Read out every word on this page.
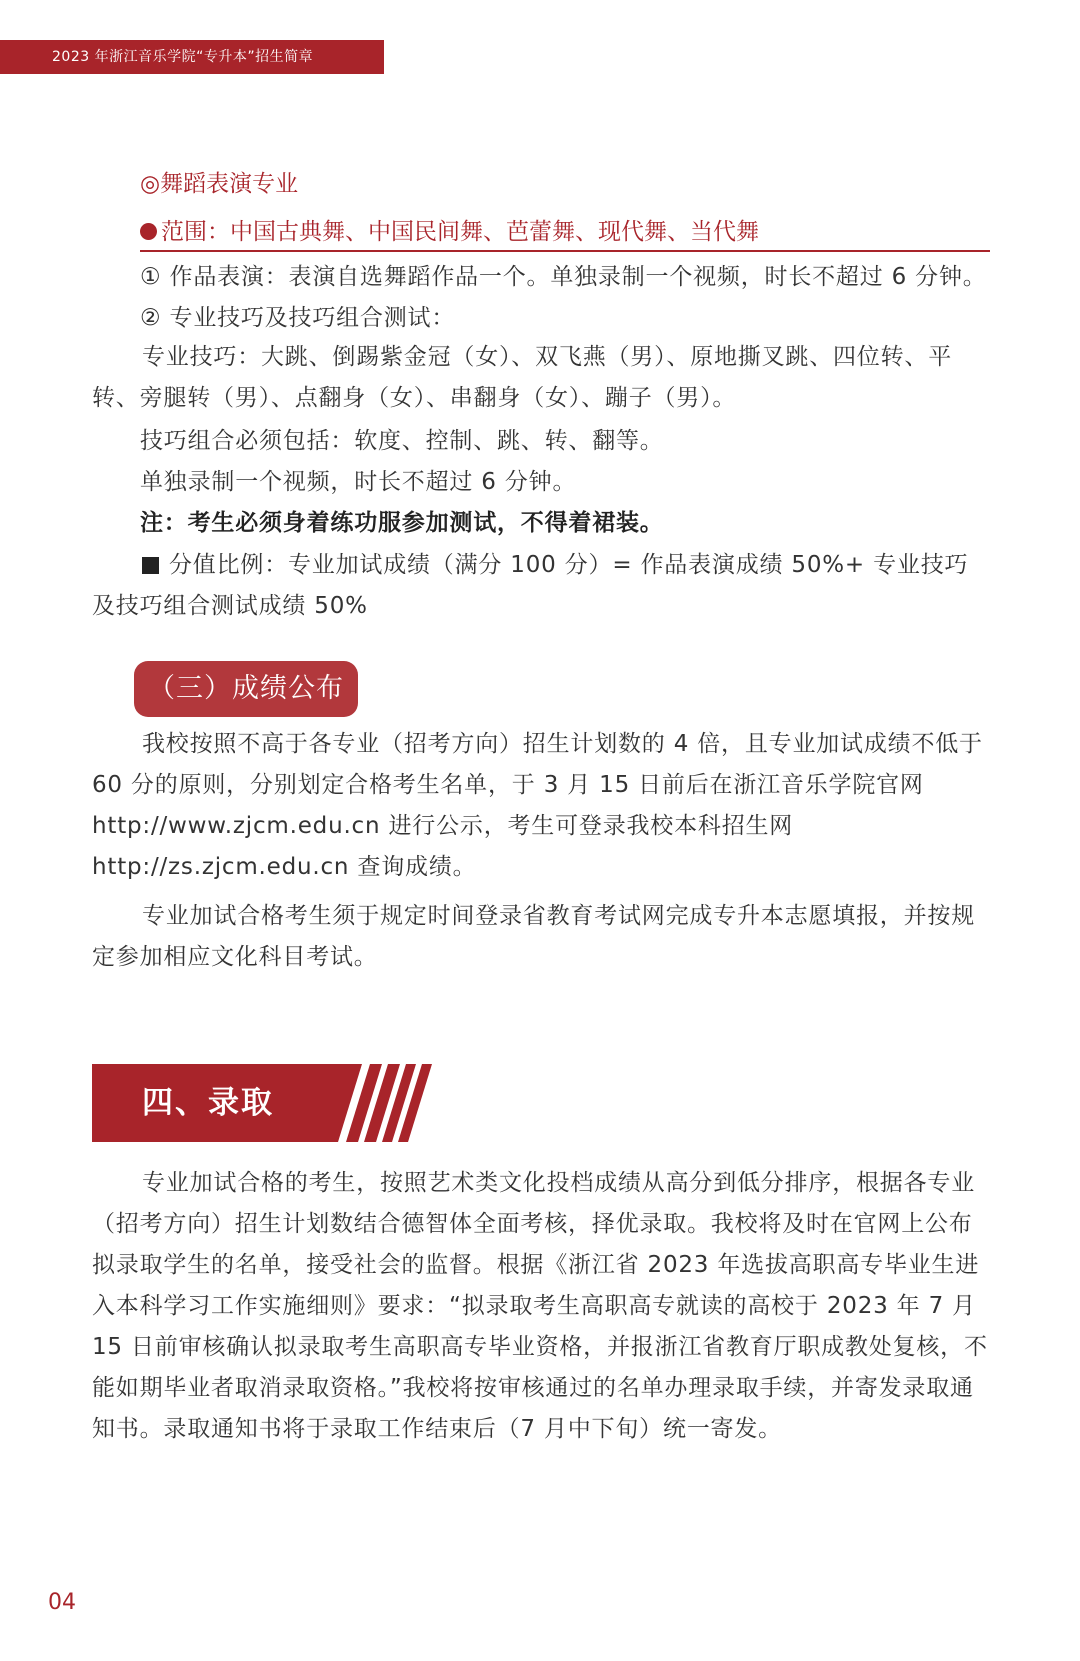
2023 年浙江音乐学院“专升本”招生简章
◎舞蹈表演专业
范围：中国古典舞、中国民间舞、芭蕾舞、现代舞、当代舞

① 作品表演：表演自选舞蹈作品一个。单独录制一个视频，时长不超过 6 分钟。

② 专业技巧及技巧组合测试：

专业技巧：大跳、倒踢紫金冠（女）、双飞燕（男）、原地撕叉跳、四位转、平转、旁腿转（男）、点翻身（女）、串翻身（女）、蹦子（男）。

技巧组合必须包括：软度、控制、跳、转、翻等。

单独录制一个视频，时长不超过 6 分钟。

注：考生必须身着练功服参加测试，不得着裙装。

分值比例：专业加试成绩（满分 100 分）= 作品表演成绩 50%+ 专业技巧及技巧组合测试成绩 50%

（三）成绩公布

我校按照不高于各专业（招考方向）招生计划数的 4 倍，且专业加试成绩不低于 60 分的原则，分别划定合格考生名单，于 3 月 15 日前后在浙江音乐学院官网 http://www.zjcm.edu.cn 进行公示，考生可登录我校本科招生网 http://zs.zjcm.edu.cn 查询成绩。

专业加试合格考生须于规定时间登录省教育考试网完成专升本志愿填报，并按规定参加相应文化科目考试。

四、录取

专业加试合格的考生，按照艺术类文化投档成绩从高分到低分排序，根据各专业（招考方向）招生计划数结合德智体全面考核，择优录取。我校将及时在官网上公布拟录取学生的名单，接受社会的监督。根据《浙江省 2023 年选拔高职高专毕业生进入本科学习工作实施细则》要求：“拟录取考生高职高专就读的高校于 2023 年 7 月 15 日前审核确认拟录取考生高职高专毕业资格，并报浙江省教育厅职成教处复核，不能如期毕业者取消录取资格。”我校将按审核通过的名单办理录取手续，并寄发录取通知书。录取通知书将于录取工作结束后（7 月中下旬）统一寄发。

04
